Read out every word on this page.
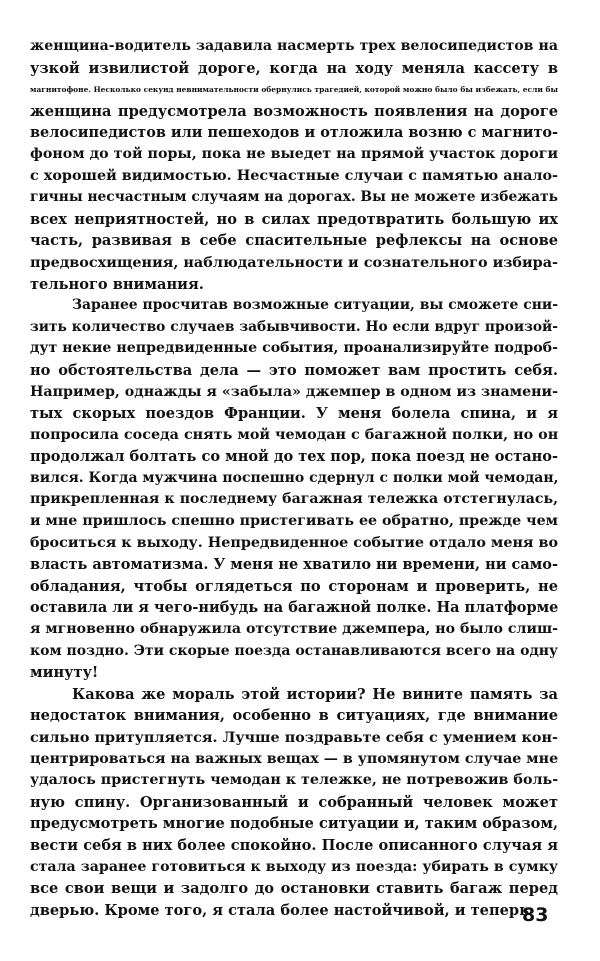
женщина-водитель задавила насмерть трех велосипедистов на
узкой извилистой дороге, когда на ходу меняла кассету в
магнитофоне. Несколько секунд невнимательности обернулись трагедией, которой можно было бы избежать, если бы
женщина предусмотрела возможность появления на дороге
велосипедистов или пешеходов и отложила возню с магнито-
фоном до той поры, пока не выедет на прямой участок дороги
с хорошей видимостью. Несчастные случаи с памятью анало-
гичны несчастным случаям на дорогах. Вы не можете избежать
всех неприятностей, но в силах предотвратить большую их
часть, развивая в себе спасительные рефлексы на основе
предвосхищения, наблюдательности и сознательного избира-
тельного внимания.
Заранее просчитав возможные ситуации, вы сможете сни-
зить количество случаев забывчивости. Но если вдруг произой-
дут некие непредвиденные события, проанализируйте подроб-
но обстоятельства дела — это поможет вам простить себя.
Например, однажды я «забыла» джемпер в одном из знамени-
тых скорых поездов Франции. У меня болела спина, и я
попросила соседа снять мой чемодан с багажной полки, но он
продолжал болтать со мной до тех пор, пока поезд не остано-
вился. Когда мужчина поспешно сдернул с полки мой чемодан,
прикрепленная к последнему багажная тележка отстегнулась,
и мне пришлось спешно пристегивать ее обратно, прежде чем
броситься к выходу. Непредвиденное событие отдало меня во
власть автоматизма. У меня не хватило ни времени, ни само-
обладания, чтобы оглядеться по сторонам и проверить, не
оставила ли я чего-нибудь на багажной полке. На платформе
я мгновенно обнаружила отсутствие джемпера, но было слиш-
ком поздно. Эти скорые поезда останавливаются всего на одну
минуту!
Какова же мораль этой истории? Не вините память за
недостаток внимания, особенно в ситуациях, где внимание
сильно притупляется. Лучше поздравьте себя с умением кон-
центрироваться на важных вещах — в упомянутом случае мне
удалось пристегнуть чемодан к тележке, не потревожив боль-
ную спину. Организованный и собранный человек может
предусмотреть многие подобные ситуации и, таким образом,
вести себя в них более спокойно. После описанного случая я
стала заранее готовиться к выходу из поезда: убирать в сумку
все свои вещи и задолго до остановки ставить багаж перед
дверью. Кроме того, я стала более настойчивой, и теперь
83
